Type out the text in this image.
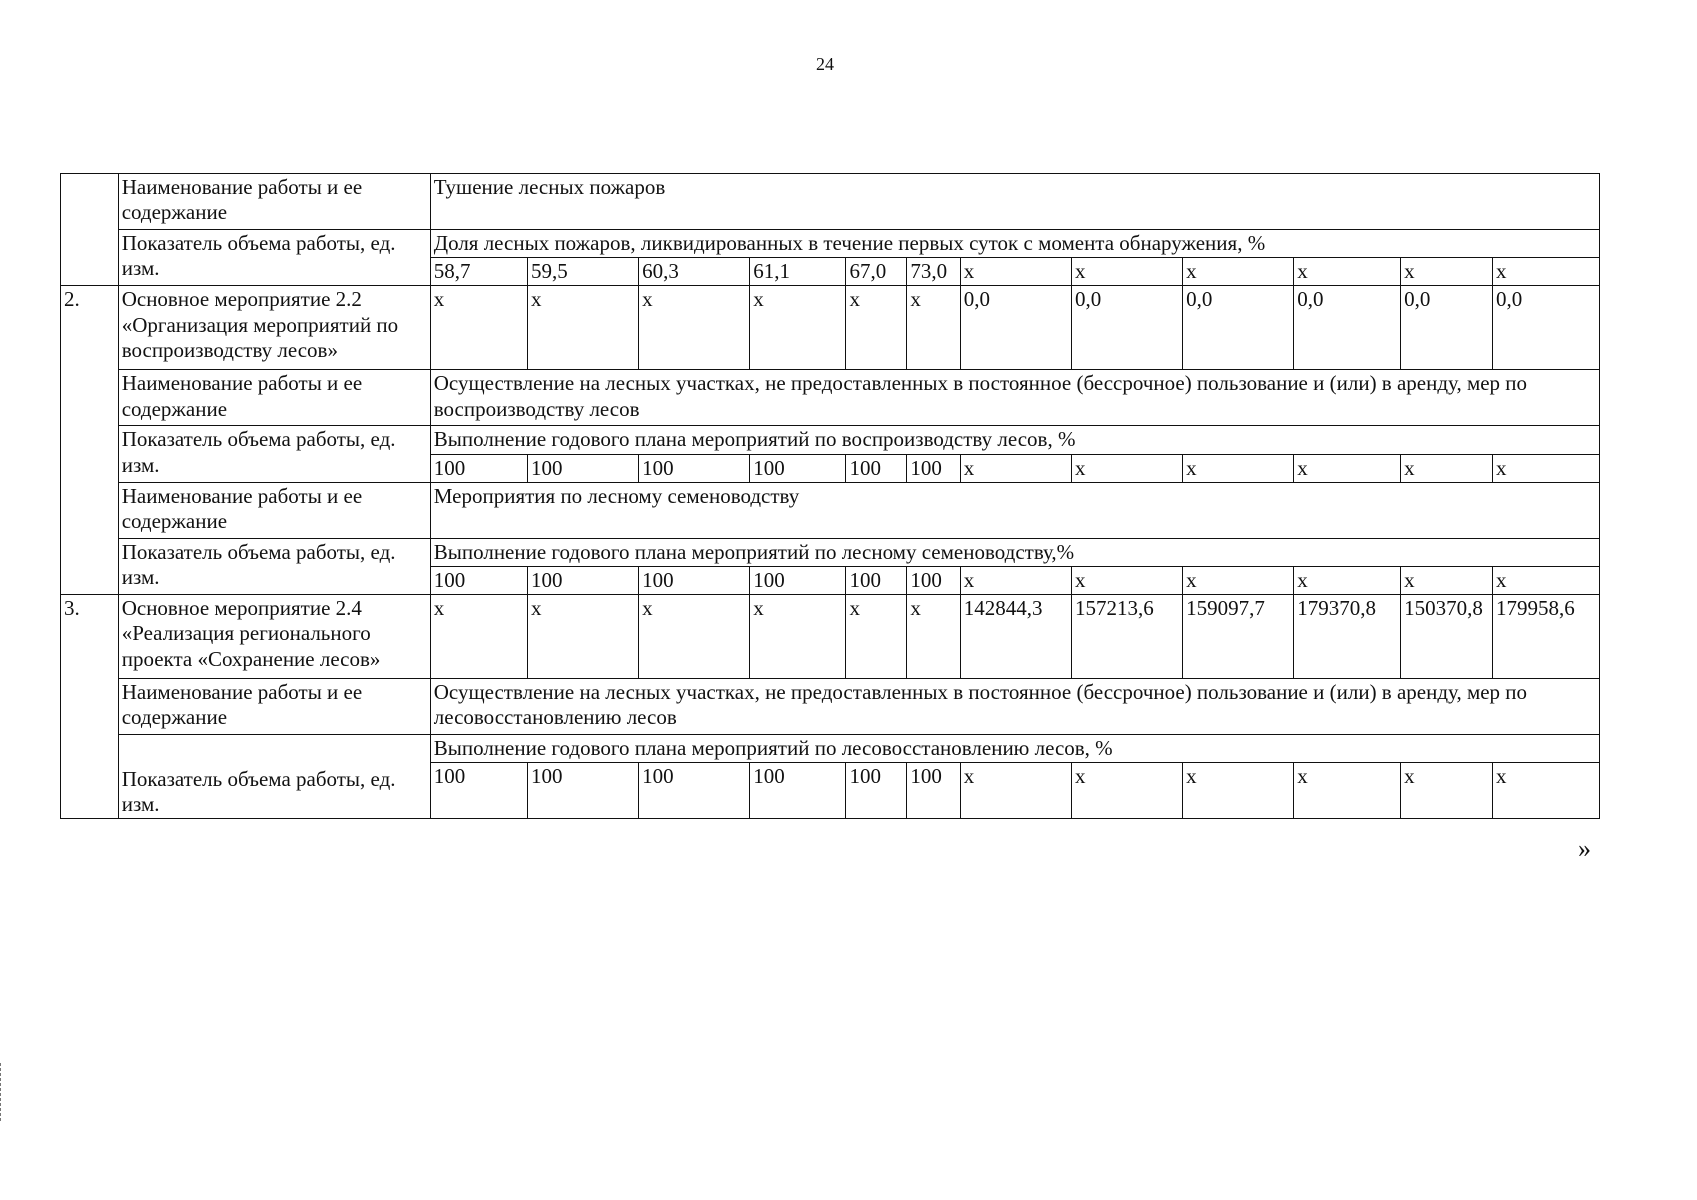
24
	Наименование работы и ее содержание	Тушение лесных пожаров											
	Показатель объема работы, ед. изм.	Доля лесных пожаров, ликвидированных в течение первых суток с момента обнаружения, %											
		58,7	59,5	60,3	61,1	67,0	73,0	x	x	x	x	x	x
2.	Основное мероприятие 2.2 «Организация мероприятий по воспроизводству лесов»	x	x	x	x	x	x	0,0	0,0	0,0	0,0	0,0	0,0
	Наименование работы и ее содержание	Осуществление на лесных участках, не предоставленных в постоянное (бессрочное) пользование и (или) в аренду, мер по воспроизводству лесов											
	Показатель объема работы, ед. изм.	Выполнение годового плана мероприятий по воспроизводству лесов, %											
		100	100	100	100	100	100	x	x	x	x	x	x
	Наименование работы и ее содержание	Мероприятия по лесному семеноводству											
	Показатель объема работы, ед. изм.	Выполнение годового плана мероприятий по лесному семеноводству,%											
		100	100	100	100	100	100	x	x	x	x	x	x
3.	Основное мероприятие 2.4 «Реализация регионального проекта «Сохранение лесов»	x	x	x	x	x	x	142844,3	157213,6	159097,7	179370,8	150370,8	179958,6
	Наименование работы и ее содержание	Осуществление на лесных участках, не предоставленных в постоянное (бессрочное) пользование и (или) в аренду, мер по лесовосстановлению лесов											
	Показатель объема работы, ед. изм.	Выполнение годового плана мероприятий по лесовосстановлению лесов, %											
		100	100	100	100	100	100	x	x	x	x	x	x
»
